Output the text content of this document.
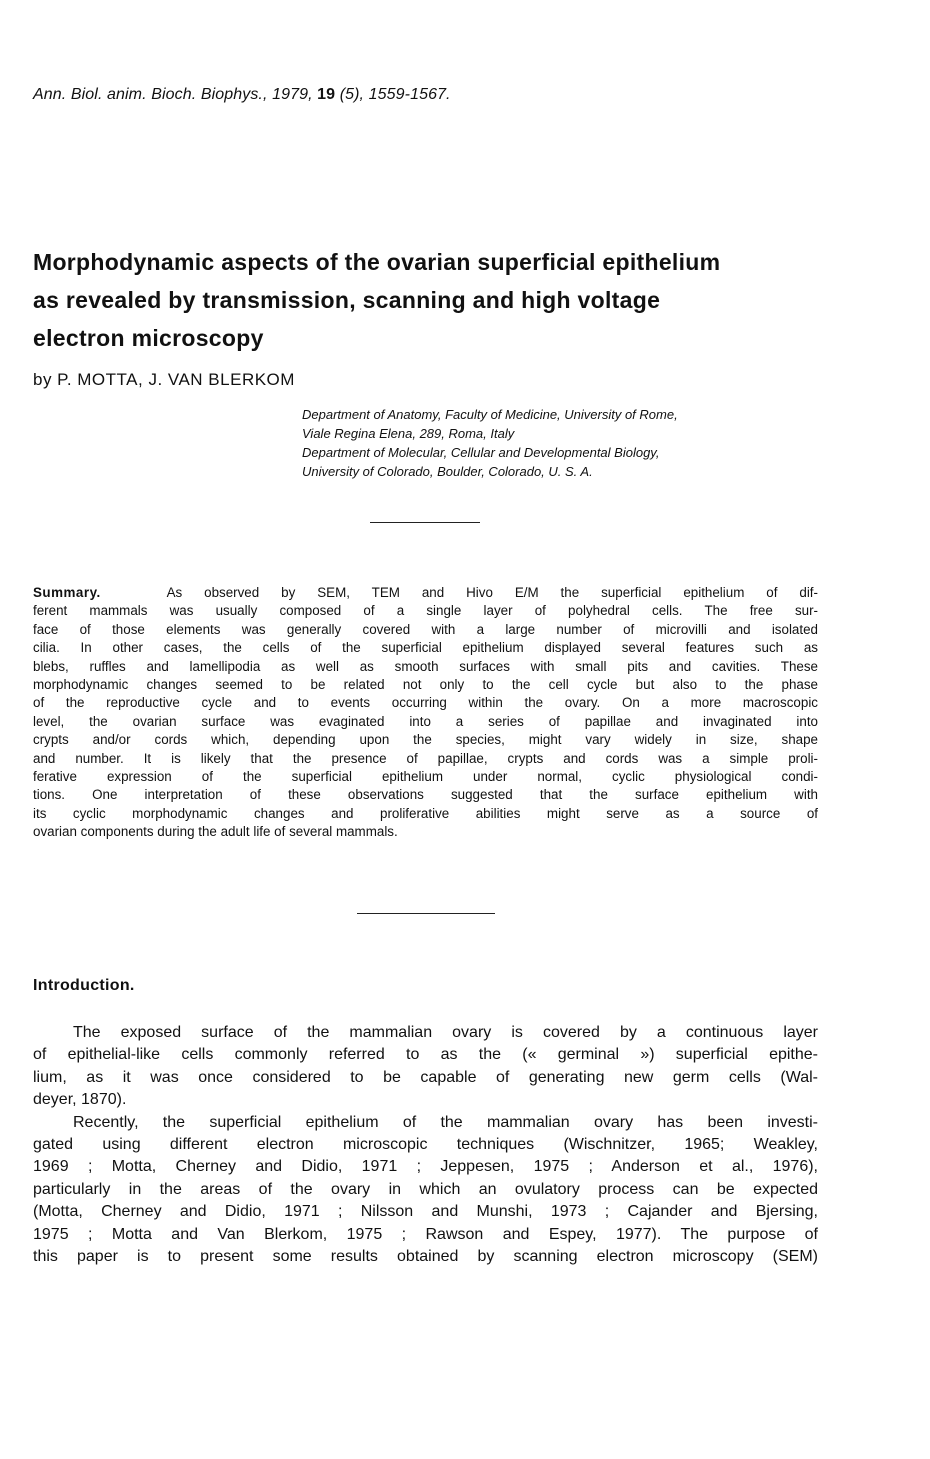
Ann. Biol. anim. Bioch. Biophys., 1979, 19 (5), 1559-1567.
Morphodynamic aspects of the ovarian superficial epithelium
as revealed by transmission, scanning and high voltage
electron microscopy
by P. MOTTA, J. VAN BLERKOM
Department of Anatomy, Faculty of Medicine, University of Rome,
Viale Regina Elena, 289, Roma, Italy
Department of Molecular, Cellular and Developmental Biology,
University of Colorado, Boulder, Colorado, U. S. A.
Summary.	As observed by SEM, TEM and Hivo E/M the superficial epithelium of dif-
ferent mammals was usually composed of a single layer of polyhedral cells. The free sur-
face of those elements was generally covered with a large number of microvilli and isolated
cilia. In other cases, the cells of the superficial epithelium displayed several features such as
blebs, ruffles and lamellipodia as well as smooth surfaces with small pits and cavities. These
morphodynamic changes seemed to be related not only to the cell cycle but also to the phase
of the reproductive cycle and to events occurring within the ovary. On a more macroscopic
level, the ovarian surface was evaginated into a series of papillae and invaginated into
crypts and/or cords which, depending upon the species, might vary widely in size, shape
and number. It is likely that the presence of papillae, crypts and cords was a simple proli-
ferative expression of the superficial epithelium under normal, cyclic physiological condi-
tions. One interpretation of these observations suggested that the surface epithelium with
its cyclic morphodynamic changes and proliferative abilities might serve as a source of
ovarian components during the adult life of several mammals.
Introduction.
The exposed surface of the mammalian ovary is covered by a continuous layer
of epithelial-like cells commonly referred to as the (« germinal ») superficial epithe-
lium, as it was once considered to be capable of generating new germ cells (Wal-
deyer, 1870).
Recently, the superficial epithelium of the mammalian ovary has been investi-
gated using different electron microscopic techniques (Wischnitzer, 1965; Weakley,
1969 ; Motta, Cherney and Didio, 1971 ; Jeppesen, 1975 ; Anderson et al., 1976),
particularly in the areas of the ovary in which an ovulatory process can be expected
(Motta, Cherney and Didio, 1971 ; Nilsson and Munshi, 1973 ; Cajander and Bjersing,
1975 ; Motta and Van Blerkom, 1975 ; Rawson and Espey, 1977). The purpose of
this paper is to present some results obtained by scanning electron microscopy (SEM)
